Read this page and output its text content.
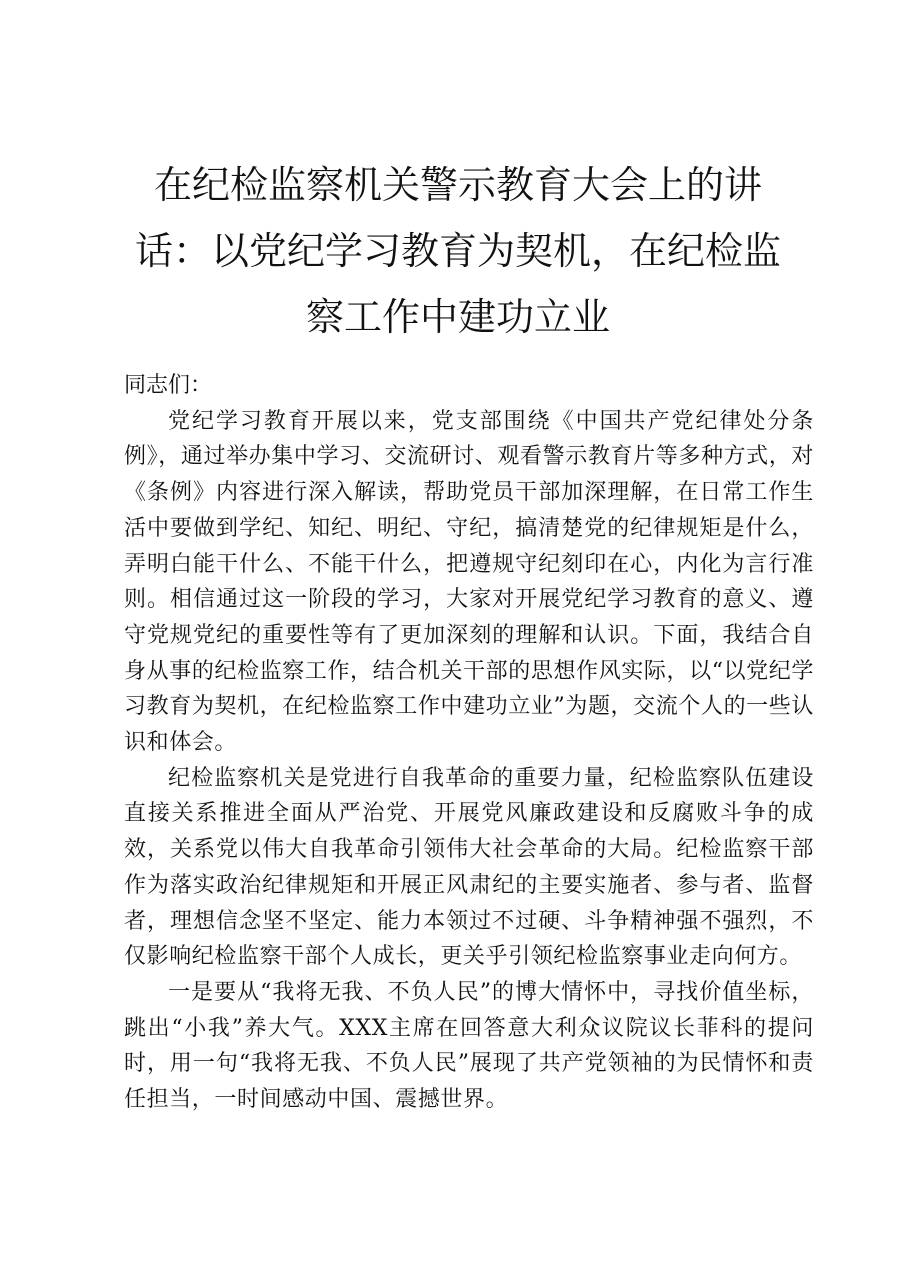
在纪检监察机关警示教育大会上的讲话：以党纪学习教育为契机，在纪检监察工作中建功立业

同志们：

党纪学习教育开展以来，党支部围绕《中国共产党纪律处分条例》，通过举办集中学习、交流研讨、观看警示教育片等多种方式，对《条例》内容进行深入解读，帮助党员干部加深理解，在日常工作生活中要做到学纪、知纪、明纪、守纪，搞清楚党的纪律规矩是什么，弄明白能干什么、不能干什么，把遵规守纪刻印在心，内化为言行准则。相信通过这一阶段的学习，大家对开展党纪学习教育的意义、遵守党规党纪的重要性等有了更加深刻的理解和认识。下面，我结合自身从事的纪检监察工作，结合机关干部的思想作风实际，以“以党纪学习教育为契机，在纪检监察工作中建功立业”为题，交流个人的一些认识和体会。

纪检监察机关是党进行自我革命的重要力量，纪检监察队伍建设直接关系推进全面从严治党、开展党风廉政建设和反腐败斗争的成效，关系党以伟大自我革命引领伟大社会革命的大局。纪检监察干部作为落实政治纪律规矩和开展正风肃纪的主要实施者、参与者、监督者，理想信念坚不坚定、能力本领过不过硬、斗争精神强不强烈，不仅影响纪检监察干部个人成长，更关乎引领纪检监察事业走向何方。

一是要从“我将无我、不负人民”的博大情怀中，寻找价值坐标，跳出“小我”养大气。XXX主席在回答意大利众议院议长菲科的提问时，用一句“我将无我、不负人民”展现了共产党领袖的为民情怀和责任担当，一时间感动中国、震撼世界。
